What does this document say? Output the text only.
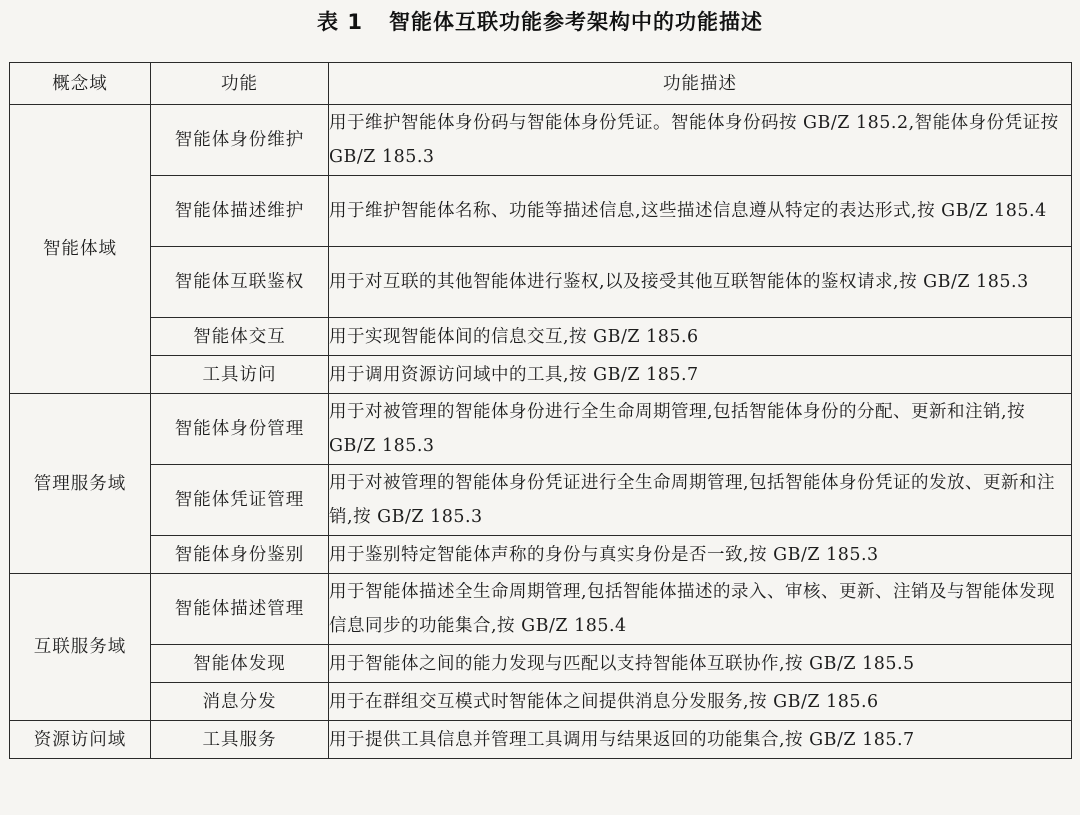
表 1 智能体互联功能参考架构中的功能描述
概念域	功能	功能描述
智能体域	智能体身份维护	用于维护智能体身份码与智能体身份凭证。智能体身份码按 GB/Z 185.2,智能体身份凭证按 GB/Z 185.3
	智能体描述维护	用于维护智能体名称、功能等描述信息,这些描述信息遵从特定的表达形式,按 GB/Z 185.4
	智能体互联鉴权	用于对互联的其他智能体进行鉴权,以及接受其他互联智能体的鉴权请求,按 GB/Z 185.3
	智能体交互	用于实现智能体间的信息交互,按 GB/Z 185.6
	工具访问	用于调用资源访问域中的工具,按 GB/Z 185.7
管理服务域	智能体身份管理	用于对被管理的智能体身份进行全生命周期管理,包括智能体身份的分配、更新和注销,按 GB/Z 185.3
	智能体凭证管理	用于对被管理的智能体身份凭证进行全生命周期管理,包括智能体身份凭证的发放、更新和注销,按 GB/Z 185.3
	智能体身份鉴别	用于鉴别特定智能体声称的身份与真实身份是否一致,按 GB/Z 185.3
互联服务域	智能体描述管理	用于智能体描述全生命周期管理,包括智能体描述的录入、审核、更新、注销及与智能体发现信息同步的功能集合,按 GB/Z 185.4
	智能体发现	用于智能体之间的能力发现与匹配以支持智能体互联协作,按 GB/Z 185.5
	消息分发	用于在群组交互模式时智能体之间提供消息分发服务,按 GB/Z 185.6
资源访问域	工具服务	用于提供工具信息并管理工具调用与结果返回的功能集合,按 GB/Z 185.7
